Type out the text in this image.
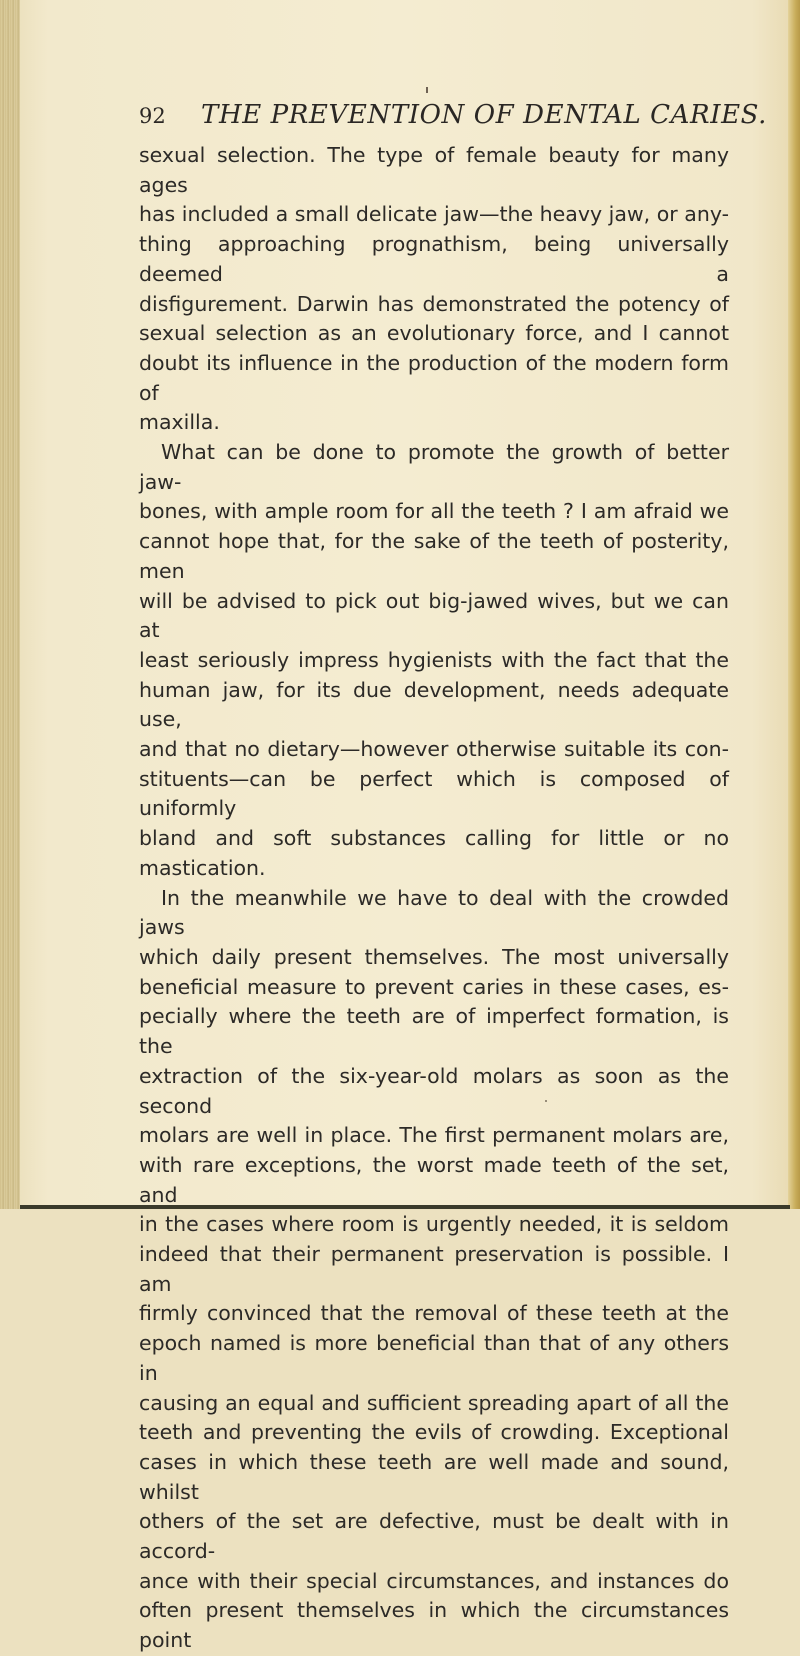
92 THE PREVENTION OF DENTAL CARIES.

sexual selection. The type of female beauty for many ages

has included a small delicate jaw—the heavy jaw, or any-

thing approaching prognathism, being universally deemed a

disfigurement. Darwin has demonstrated the potency of

sexual selection as an evolutionary force, and I cannot

doubt its influence in the production of the modern form of

maxilla.

What can be done to promote the growth of better jaw-

bones, with ample room for all the teeth ? I am afraid we

cannot hope that, for the sake of the teeth of posterity, men

will be advised to pick out big-jawed wives, but we can at

least seriously impress hygienists with the fact that the

human jaw, for its due development, needs adequate use,

and that no dietary—however otherwise suitable its con-

stituents—can be perfect which is composed of uniformly

bland and soft substances calling for little or no mastication.

In the meanwhile we have to deal with the crowded jaws

which daily present themselves. The most universally

beneficial measure to prevent caries in these cases, es-

pecially where the teeth are of imperfect formation, is the

extraction of the six-year-old molars as soon as the second

molars are well in place. The first permanent molars are,

with rare exceptions, the worst made teeth of the set, and

in the cases where room is urgently needed, it is seldom

indeed that their permanent preservation is possible. I am

firmly convinced that the removal of these teeth at the

epoch named is more beneficial than that of any others in

causing an equal and sufficient spreading apart of all the

teeth and preventing the evils of crowding. Exceptional

cases in which these teeth are well made and sound, whilst

others of the set are defective, must be dealt with in accord-

ance with their special circumstances, and instances do

often present themselves in which the circumstances point
